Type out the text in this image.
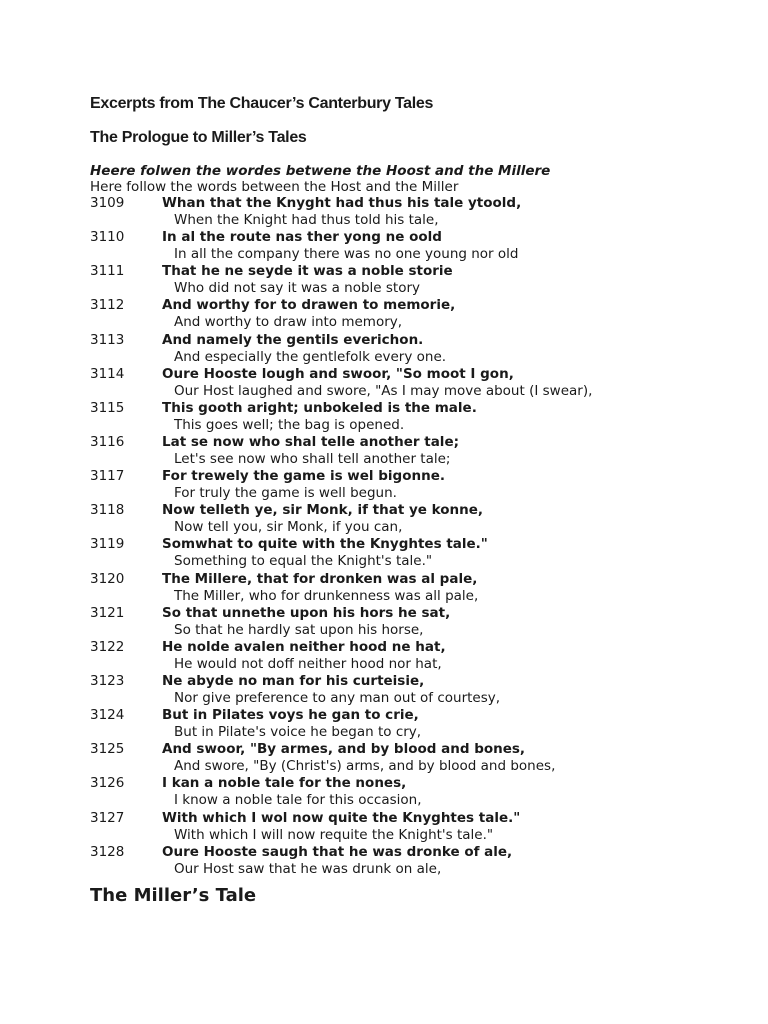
Excerpts from The Chaucer’s Canterbury Tales
The Prologue to Miller’s Tales
Heere folwen the wordes betwene the Hoost and the Millere
Here follow the words between the Host and the Miller
3109	Whan that the Knyght had thus his tale ytoold,
When the Knight had thus told his tale,
3110	In al the route nas ther yong ne oold
In all the company there was no one young nor old
3111	That he ne seyde it was a noble storie
Who did not say it was a noble story
3112	And worthy for to drawen to memorie,
And worthy to draw into memory,
3113	And namely the gentils everichon.
And especially the gentlefolk every one.
3114	Oure Hooste lough and swoor, "So moot I gon,
Our Host laughed and swore, "As I may move about (I swear),
3115	This gooth aright; unbokeled is the male.
This goes well; the bag is opened.
3116	Lat se now who shal telle another tale;
Let's see now who shall tell another tale;
3117	For trewely the game is wel bigonne.
For truly the game is well begun.
3118	Now telleth ye, sir Monk, if that ye konne,
Now tell you, sir Monk, if you can,
3119	Somwhat to quite with the Knyghtes tale."
Something to equal the Knight's tale."
3120	The Millere, that for dronken was al pale,
The Miller, who for drunkenness was all pale,
3121	So that unnethe upon his hors he sat,
So that he hardly sat upon his horse,
3122	He nolde avalen neither hood ne hat,
He would not doff neither hood nor hat,
3123	Ne abyde no man for his curteisie,
Nor give preference to any man out of courtesy,
3124	But in Pilates voys he gan to crie,
But in Pilate's voice he began to cry,
3125	And swoor, "By armes, and by blood and bones,
And swore, "By (Christ's) arms, and by blood and bones,
3126	I kan a noble tale for the nones,
I know a noble tale for this occasion,
3127	With which I wol now quite the Knyghtes tale."
With which I will now requite the Knight's tale."
3128	Oure Hooste saugh that he was dronke of ale,
Our Host saw that he was drunk on ale,
The Miller’s Tale
